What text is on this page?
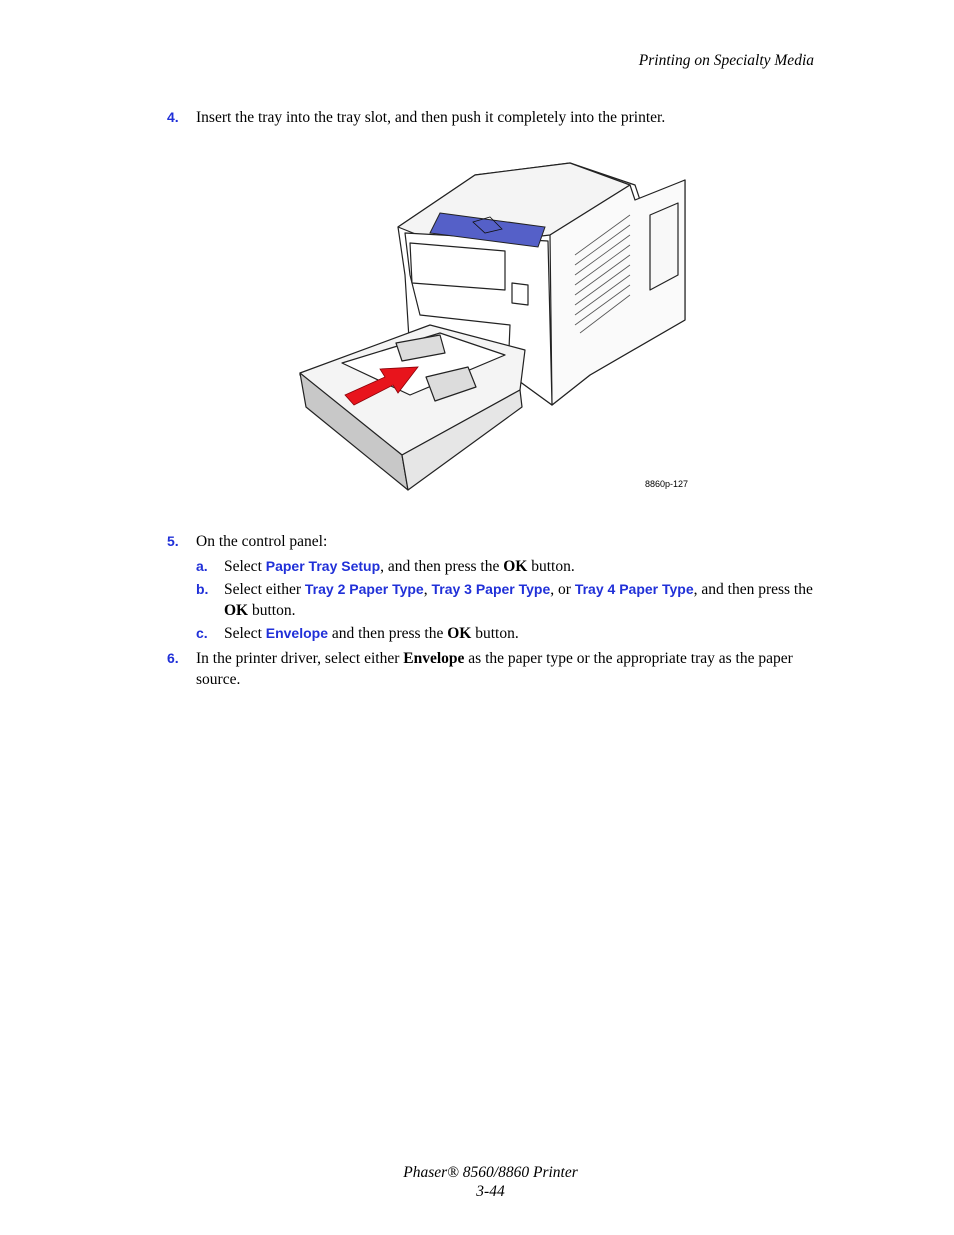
Printing on Specialty Media
4. Insert the tray into the tray slot, and then push it completely into the printer.
8860p-127
5. On the control panel:
a. Select Paper Tray Setup, and then press the OK button.
b. Select either Tray 2 Paper Type, Tray 3 Paper Type, or Tray 4 Paper Type, and then press the OK button.
c. Select Envelope and then press the OK button.
6. In the printer driver, select either Envelope as the paper type or the appropriate tray as the paper source.
Phaser® 8560/8860 Printer
3-44
